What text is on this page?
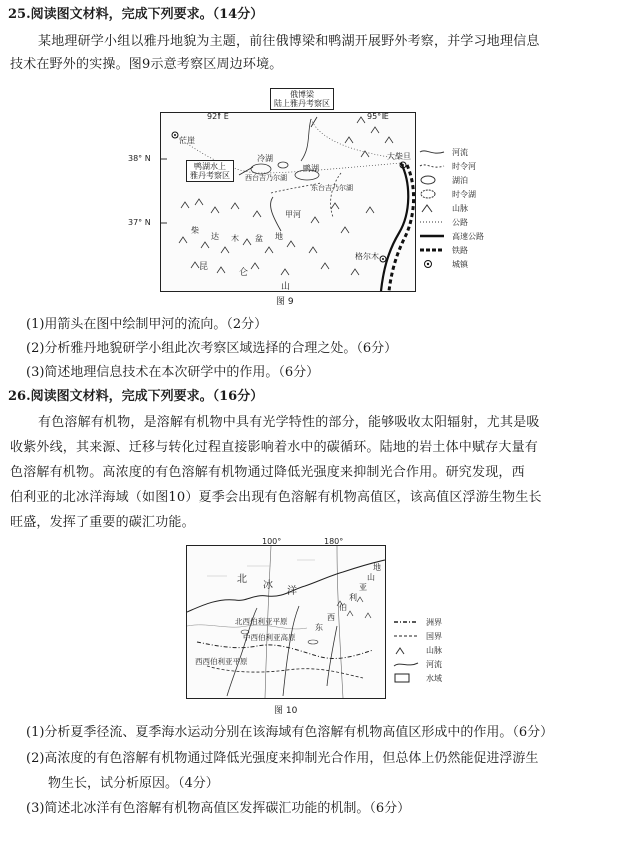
25.阅读图文材料，完成下列要求。（14分）
某地理研学小组以雅丹地貌为主题，前往俄博梁和鸭湖开展野外考察，并学习地理信息
技术在野外的实操。图9示意考察区周边环境。
92° E	95° E
茫崖
冷湖	大柴旦
格尔木
甲河
西台吉乃尔湖
东台吉乃尔湖
鸭湖
柴
达 木 盆 地
昆
仑
山
38° N
37° N
俄博梁
陆上雅丹考察区
鸭湖水上
雅丹考察区
河流
时令河
湖泊
时令湖
山脉
公路
高速公路
铁路
城镇
图 9
(1)用箭头在图中绘制甲河的流向。（2分）
(2)分析雅丹地貌研学小组此次考察区域选择的合理之处。（6分）
(3)简述地理信息技术在本次研学中的作用。（6分）
26.阅读图文材料，完成下列要求。（16分）
有色溶解有机物，是溶解有机物中具有光学特性的部分，能够吸收太阳辐射，尤其是吸
收紫外线，其来源、迁移与转化过程直接影响着水中的碳循环。陆地的岩土体中赋存大量有
色溶解有机物。高浓度的有色溶解有机物通过降低光强度来抑制光合作用。研究发现，西
伯利亚的北冰洋海域（如图10）夏季会出现有色溶解有机物高值区，该高值区浮游生物生长
旺盛，发挥了重要的碳汇功能。
北
冰
洋
北西伯利亚平原
中西伯利亚高原
西西伯利亚平原
东
西
伯
利
亚
山
地
100°	180°
洲界
国界
山脉
河流
水域
图 10
(1)分析夏季径流、夏季海水运动分别在该海域有色溶解有机物高值区形成中的作用。（6分）
(2)高浓度的有色溶解有机物通过降低光强度来抑制光合作用，但总体上仍然能促进浮游生
物生长，试分析原因。（4分）
(3)简述北冰洋有色溶解有机物高值区发挥碳汇功能的机制。（6分）
